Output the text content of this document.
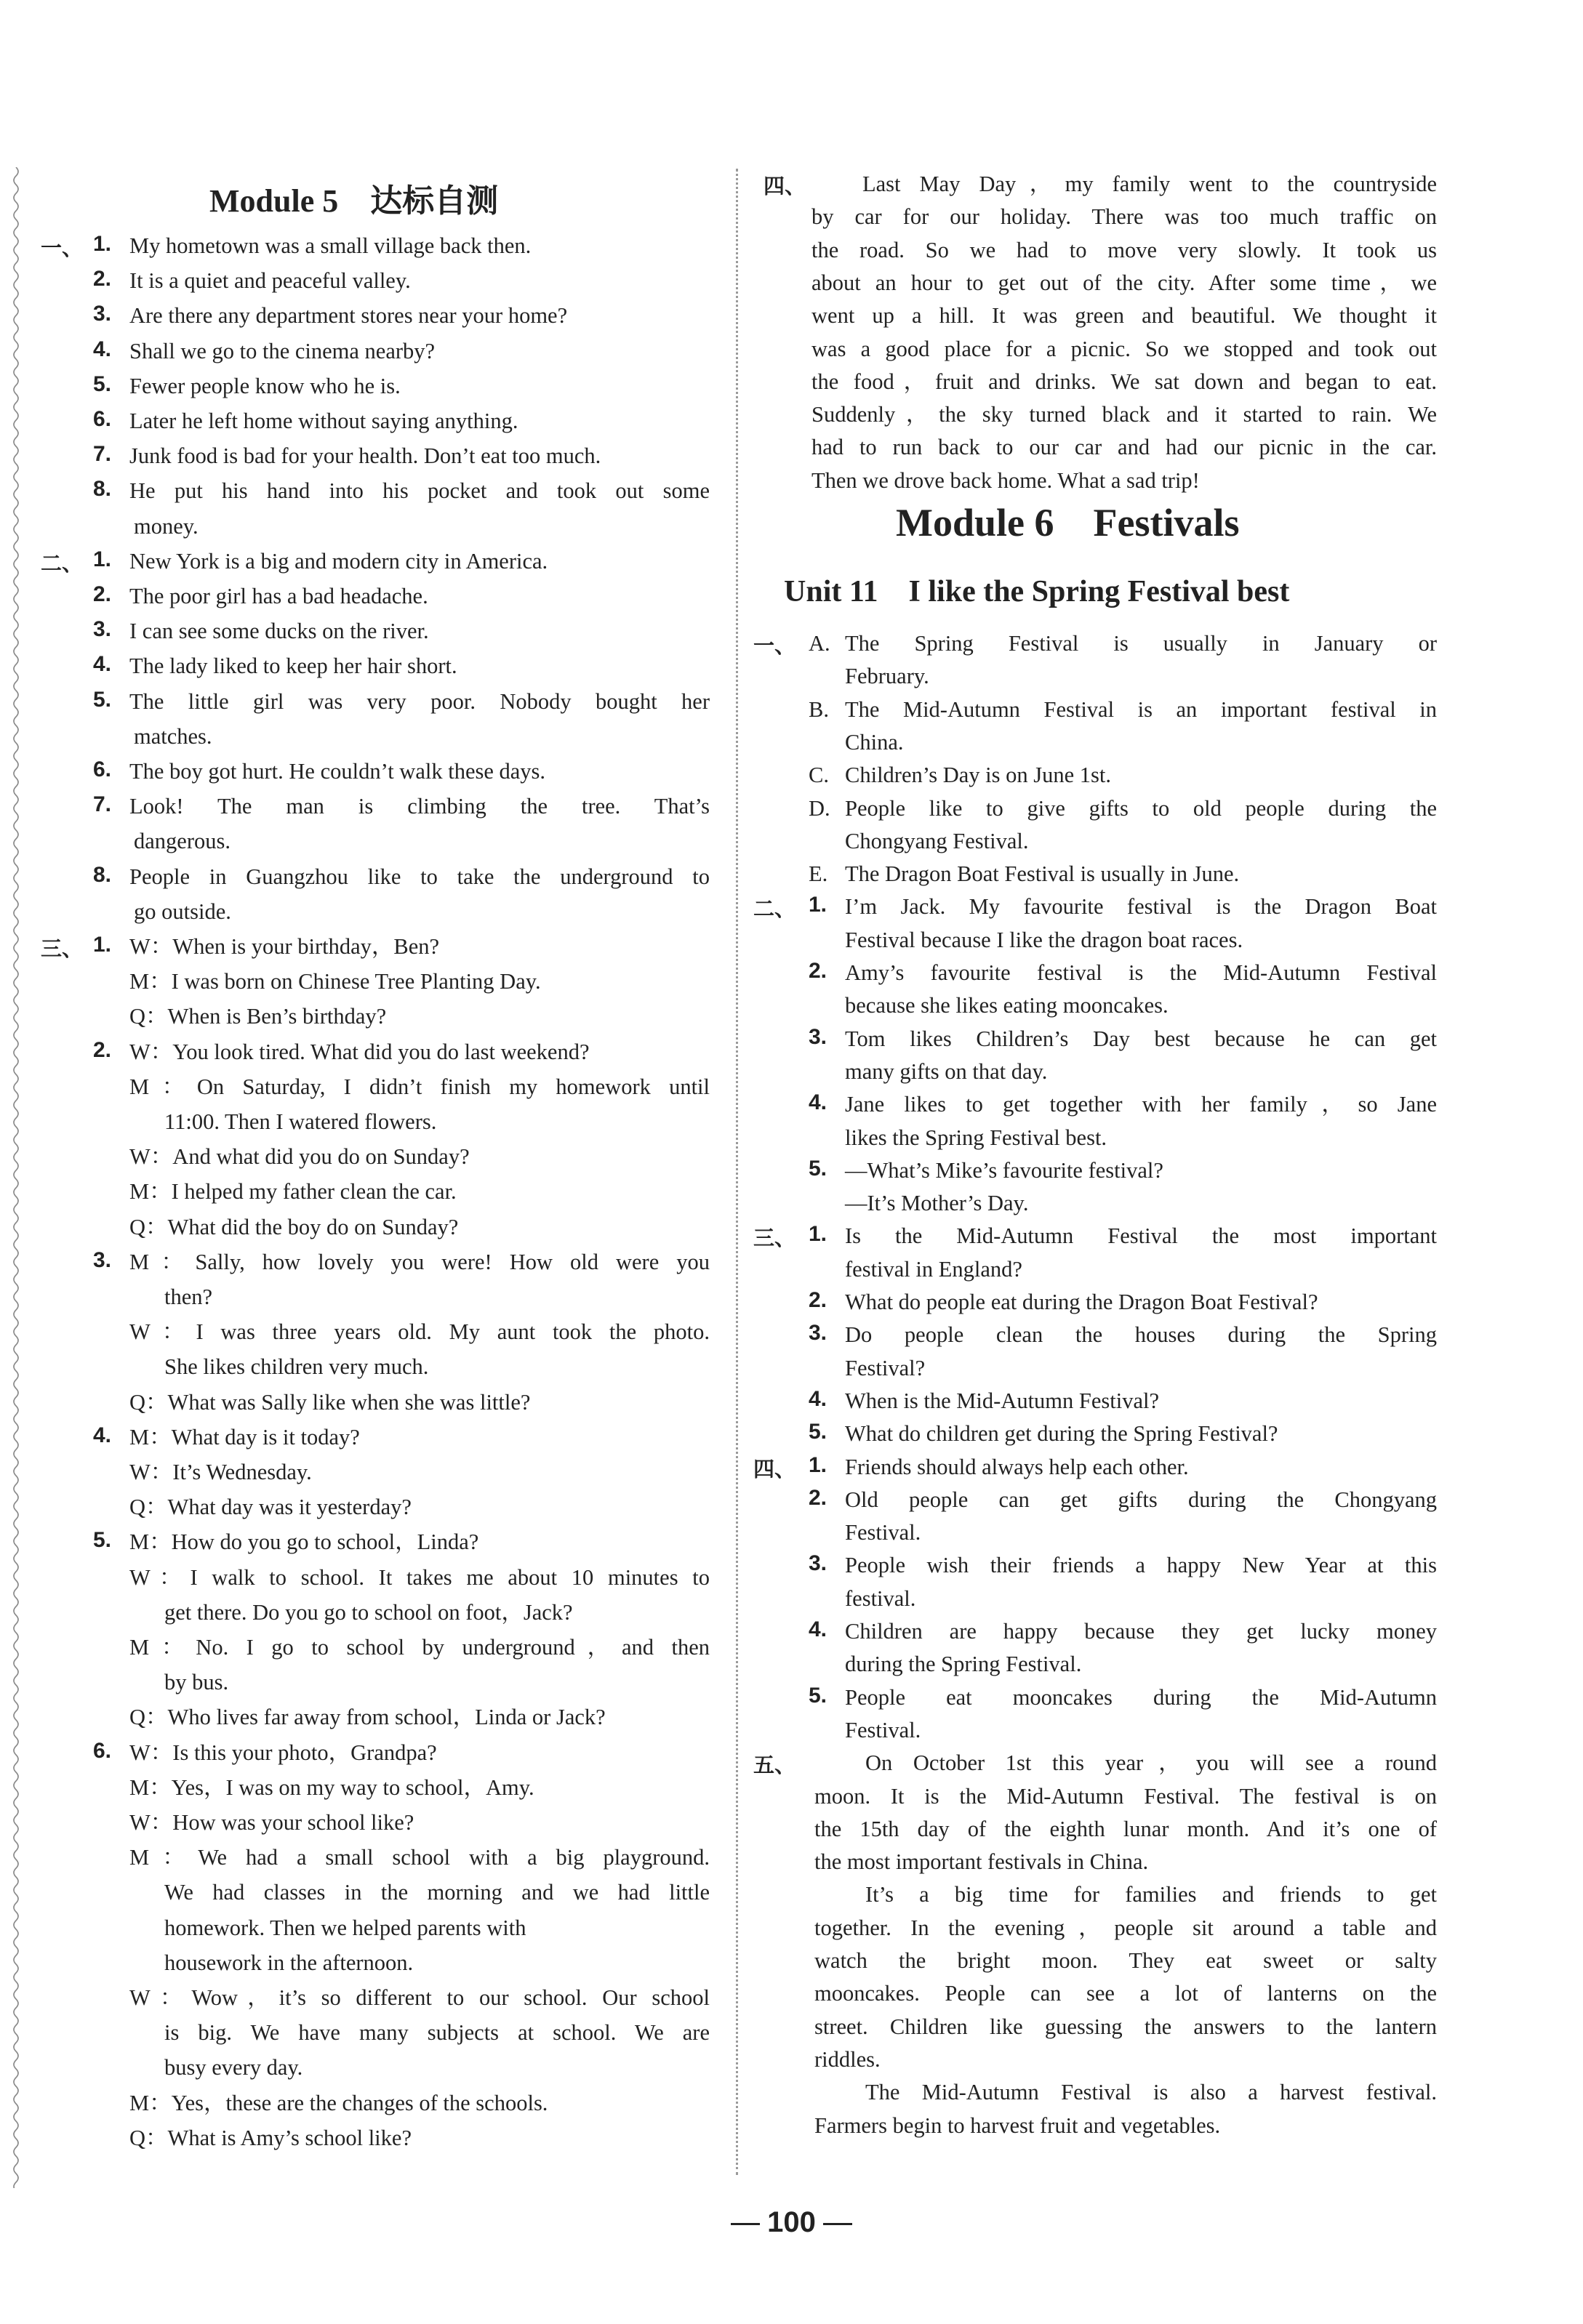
Module 5 达标自测
一、 1. My hometown was a small village back then.
2. It is a quiet and peaceful valley.
3. Are there any department stores near your home?
4. Shall we go to the cinema nearby?
5. Fewer people know who he is.
6. Later he left home without saying anything.
7. Junk food is bad for your health. Don’t eat too much.
8. He put his hand into his pocket and took out some
money.
二、 1. New York is a big and modern city in America.
2. The poor girl has a bad headache.
3. I can see some ducks on the river.
4. The lady liked to keep her hair short.
5. The little girl was very poor. Nobody bought her
matches.
6. The boy got hurt. He couldn’t walk these days.
7. Look! The man is climbing the tree. That’s
dangerous.
8. People in Guangzhou like to take the underground to
go outside.
三、 1. W：When is your birthday，Ben?
M：I was born on Chinese Tree Planting Day.
Q：When is Ben’s birthday?
2. W：You look tired. What did you do last weekend?
M：On Saturday, I didn’t finish my homework until
11:00. Then I watered flowers.
W：And what did you do on Sunday?
M：I helped my father clean the car.
Q：What did the boy do on Sunday?
3. M：Sally, how lovely you were! How old were you
then?
W：I was three years old. My aunt took the photo.
She likes children very much.
Q：What was Sally like when she was little?
4. M：What day is it today?
W：It’s Wednesday.
Q：What day was it yesterday?
5. M：How do you go to school，Linda?
W：I walk to school. It takes me about 10 minutes to
get there. Do you go to school on foot，Jack?
M：No. I go to school by underground，and then
by bus.
Q：Who lives far away from school，Linda or Jack?
6. W：Is this your photo，Grandpa?
M：Yes，I was on my way to school，Amy.
W：How was your school like?
M：We had a small school with a big playground.
We had classes in the morning and we had little
homework. Then we helped parents with
housework in the afternoon.
W：Wow，it’s so different to our school. Our school
is big. We have many subjects at school. We are
busy every day.
M：Yes，these are the changes of the schools.
Q：What is Amy’s school like?
四、	Last May Day，my family went to the countryside
by car for our holiday. There was too much traffic on
the road. So we had to move very slowly. It took us
about an hour to get out of the city. After some time，we
went up a hill. It was green and beautiful. We thought it
was a good place for a picnic. So we stopped and took out
the food，fruit and drinks. We sat down and began to eat.
Suddenly，the sky turned black and it started to rain. We
had to run back to our car and had our picnic in the car.
Then we drove back home. What a sad trip!
Module 6    Festivals
Unit 11    I like the Spring Festival best
一、 A. The Spring Festival is usually in January or
February.
B. The Mid-Autumn Festival is an important festival in
China.
C. Children’s Day is on June 1st.
D. People like to give gifts to old people during the
Chongyang Festival.
E. The Dragon Boat Festival is usually in June.
二、 1. I’m Jack. My favourite festival is the Dragon Boat
Festival because I like the dragon boat races.
2. Amy’s favourite festival is the Mid-Autumn Festival
because she likes eating mooncakes.
3. Tom likes Children’s Day best because he can get
many gifts on that day.
4. Jane likes to get together with her family，so Jane
likes the Spring Festival best.
5. —What’s Mike’s favourite festival?
—It’s Mother’s Day.
三、 1. Is the Mid-Autumn Festival the most important
festival in England?
2. What do people eat during the Dragon Boat Festival?
3. Do people clean the houses during the Spring
Festival?
4. When is the Mid-Autumn Festival?
5. What do children get during the Spring Festival?
四、 1. Friends should always help each other.
2. Old people can get gifts during the Chongyang
Festival.
3. People wish their friends a happy New Year at this
festival.
4. Children are happy because they get lucky money
during the Spring Festival.
5. People eat mooncakes during the Mid-Autumn
Festival.
五、	On October 1st this year，you will see a round
moon. It is the Mid-Autumn Festival. The festival is on
the 15th day of the eighth lunar month. And it’s one of
the most important festivals in China.
It’s a big time for families and friends to get
together. In the evening，people sit around a table and
watch the bright moon. They eat sweet or salty
mooncakes. People can see a lot of lanterns on the
street. Children like guessing the answers to the lantern
riddles.
The Mid-Autumn Festival is also a harvest festival.
Farmers begin to harvest fruit and vegetables.
100
